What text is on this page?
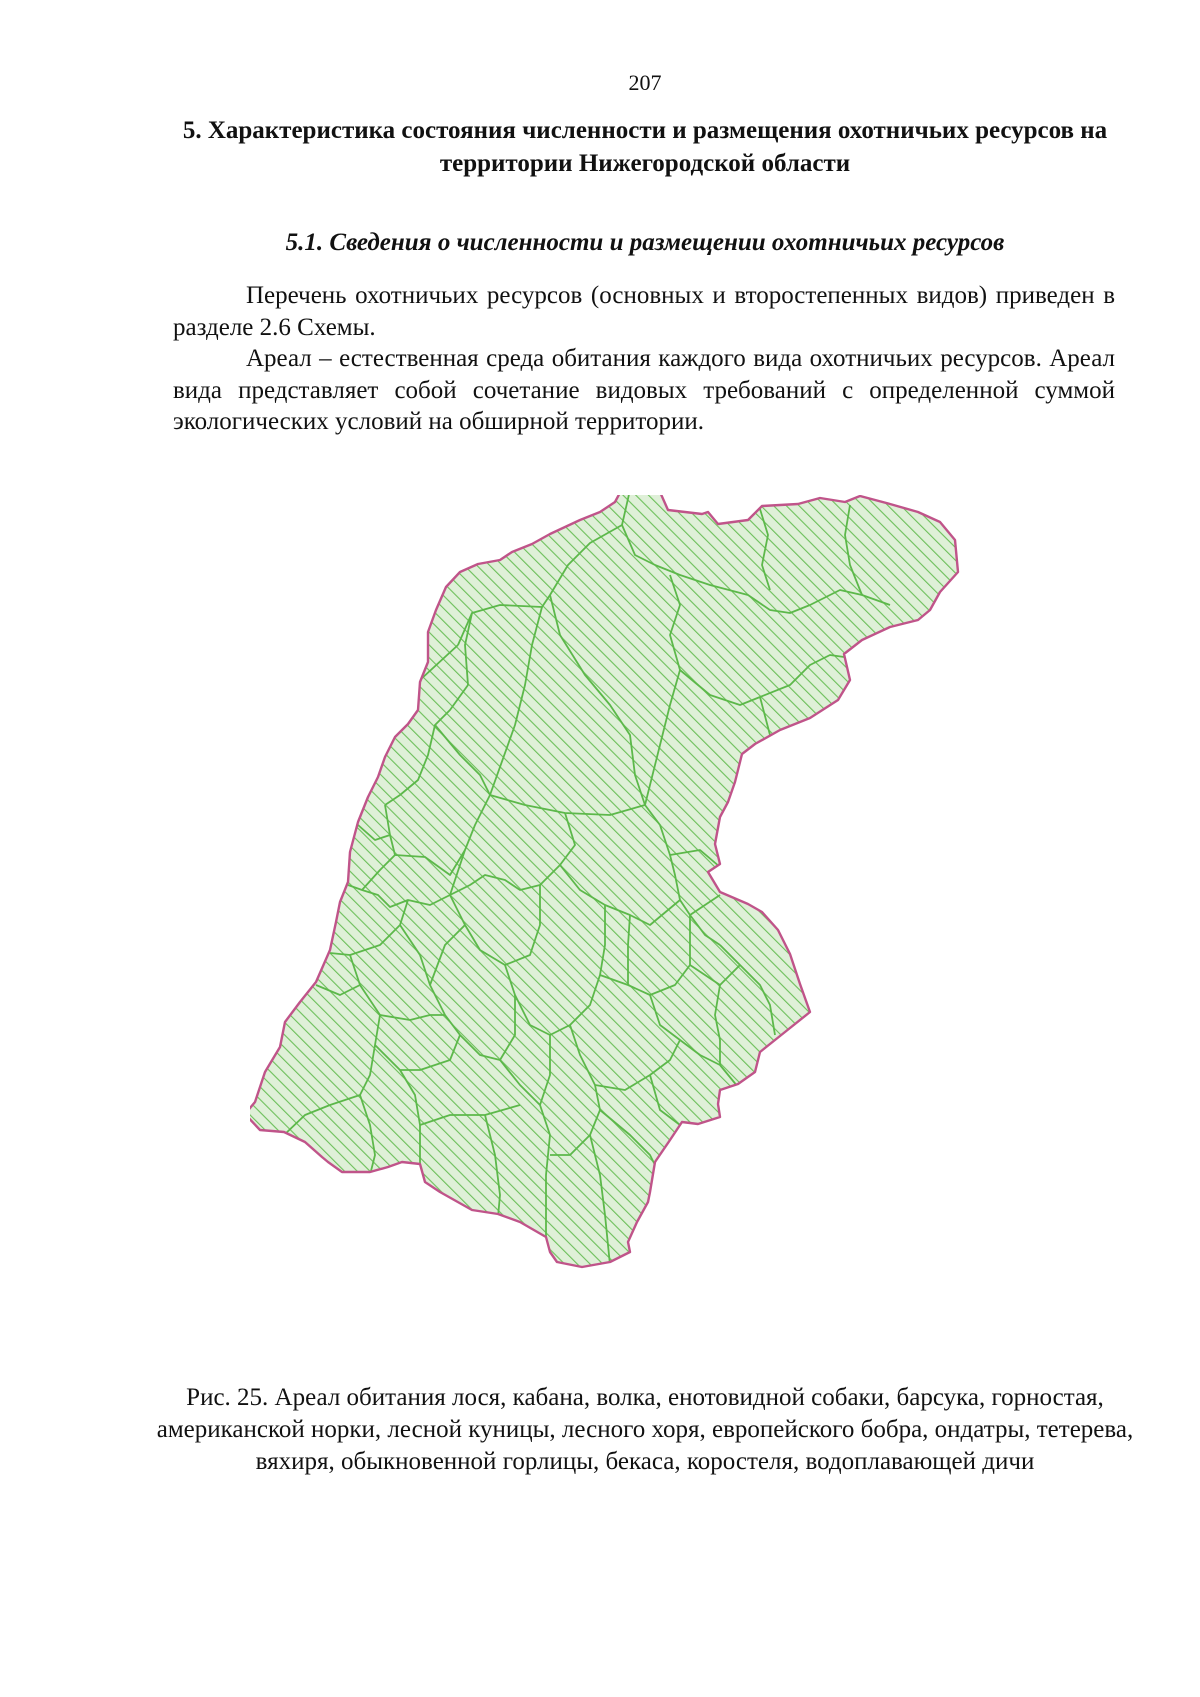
207
5. Характеристика состояния численности и размещения охотничьих ресурсов на территории Нижегородской области
5.1. Сведения о численности и размещении охотничьих ресурсов

Перечень охотничьих ресурсов (основных и второстепенных видов) приведен в разделе 2.6 Схемы.

Ареал – естественная среда обитания каждого вида охотничьих ресурсов. Ареал вида представляет собой сочетание видовых требований с определенной суммой экологических условий на обширной территории.

Рис. 25. Ареал обитания лося, кабана, волка, енотовидной собаки, барсука, горностая, американской норки, лесной куницы, лесного хоря, европейского бобра, ондатры, тетерева, вяхиря, обыкновенной горлицы, бекаса, коростеля, водоплавающей дичи
